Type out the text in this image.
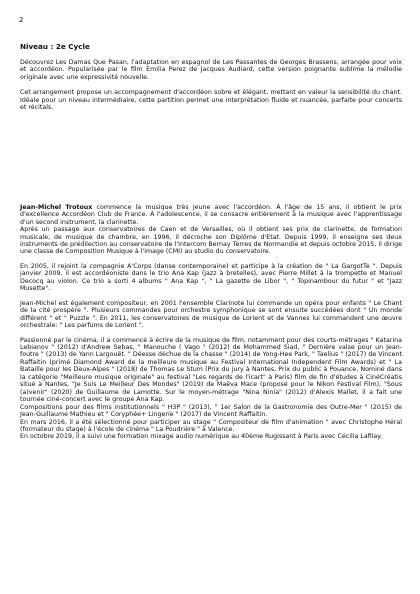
2
Niveau : 2e Cycle

Découvrez Les Damas Que Pasan, l'adaptation en espagnol de Les Passantes de Georges Brassens, arrangée pour voix et accordéon. Popularisée par le film Emilia Perez de Jacques Audiard, cette version poignante sublime la mélodie originale avec une expressivité nouvelle.

Cet arrangement propose un accompagnement d'accordéon sobre et élégant, mettant en valeur la sensibilité du chant. Idéale pour un niveau intermédiaire, cette partition permet une interprétation fluide et nuancée, parfaite pour concerts et récitals.

Jean-Michel Trotoux commence la musique très jeune avec l'accordéon. À l'âge de 15 ans, il obtient le prix d'excellence Accordéon Club de France. À l'adolescence, il se consacre entièrement à la musique avec l'apprentissage d'un second instrument, la clarinette.

Après un passage aux conservatoires de Caen et de Versailles, où il obtient ses prix de clarinette, de formation musicale, de musique de chambre, en 1996, il décroche son Diplôme d'Etat. Depuis 1999, il enseigne ses deux instruments de prédilection au conservatoire de l'Intercom Bernay Terres de Normandie et depuis octobre 2015, il dirige une classe de Composition Musique à l'image (CMI) au studio du conservatoire.

En 2005, il rejoint la compagnie A'Corps (danse contemporaine) et participe à la création de " La GargotTe ". Depuis janvier 2009, il est accordéoniste dans le trio Ana Kap (jazz à bretelles), avec Pierre Millet à la trompette et Manuel Decocq au violon. Ce trio a sorti 4 albums " Ana Kap ", " La gazette de Libor ", " Topinambour du futur " et "Jazz Musette".

Jean-Michel est également compositeur, en 2001 l'ensemble Clarinote lui commande un opéra pour enfants " Le Chant de la cité prospère ". Plusieurs commandes pour orchestre symphonique se sont ensuite succédées dont " Un monde différent " et " Puzzle ". En 2011, les conservatoires de musique de Lorient et de Vannes lui commandent une œuvre orchestrale: " Les parfums de Lorient ".

Passionné par le cinéma, il a commencé à écrire de la musique de film, notamment pour des courts-métrages " Katarina Lebianov " (2012) d'Andrew Sebas, " Manouche ( Vago " (2012) de Mohammed Siad, " Dernière valse pour un Jean-foutre " (2013) de Yann Largouët. " Déesse déchue de la chasse " (2014) de Yong-Hee Park, " Taelius " (2017) de Vincent Raffaitin (primé Diamond Award de la meilleure musique au Festival International Independent Film Awards) et " La Bataille pour les Deux-Alpes " (2018) de Thomas Le Stum (Prix du jury à Nantes, Prix du public à Pouance, Nominé dans la catégorie "Meilleure musique originale" au festival "Les regards de l'icart" à Paris) film de fin d'études à CinéCréatis situé à Nantes, "Je Suis Le Meilleur Des Mondes" (2019) de Maëva Mace (proposé pour le Nikon Festival Film), "Sous (a)venir" (2020) de Guillaume de Lamotte. Sur le moyen-métrage "Nina Ninia" (2012) d'Alexis Mallet, il a fait une tournée ciné-concert avec le groupe Ana Kap.

Compositions pour des films institutionnels " H3P " (2013), " 1er Salon de la Gastronomie des Outre-Mer " (2015) de Jean-Guillaume Mathieu et " Coryphée+ Lingerie " (2017) de Vincent Raffaitin.

En mars 2016, il a été sélectionné pour participer au stage " Compositeur de film d'animation " avec Christophe Héral (formateur du stage) à l'école de cinéma " La Poudrière " à Valence.

En octobre 2019, il a suivi une formation mixage audio numérique au 40ème Rugissant à Paris avec Cécilia Lafilay.
